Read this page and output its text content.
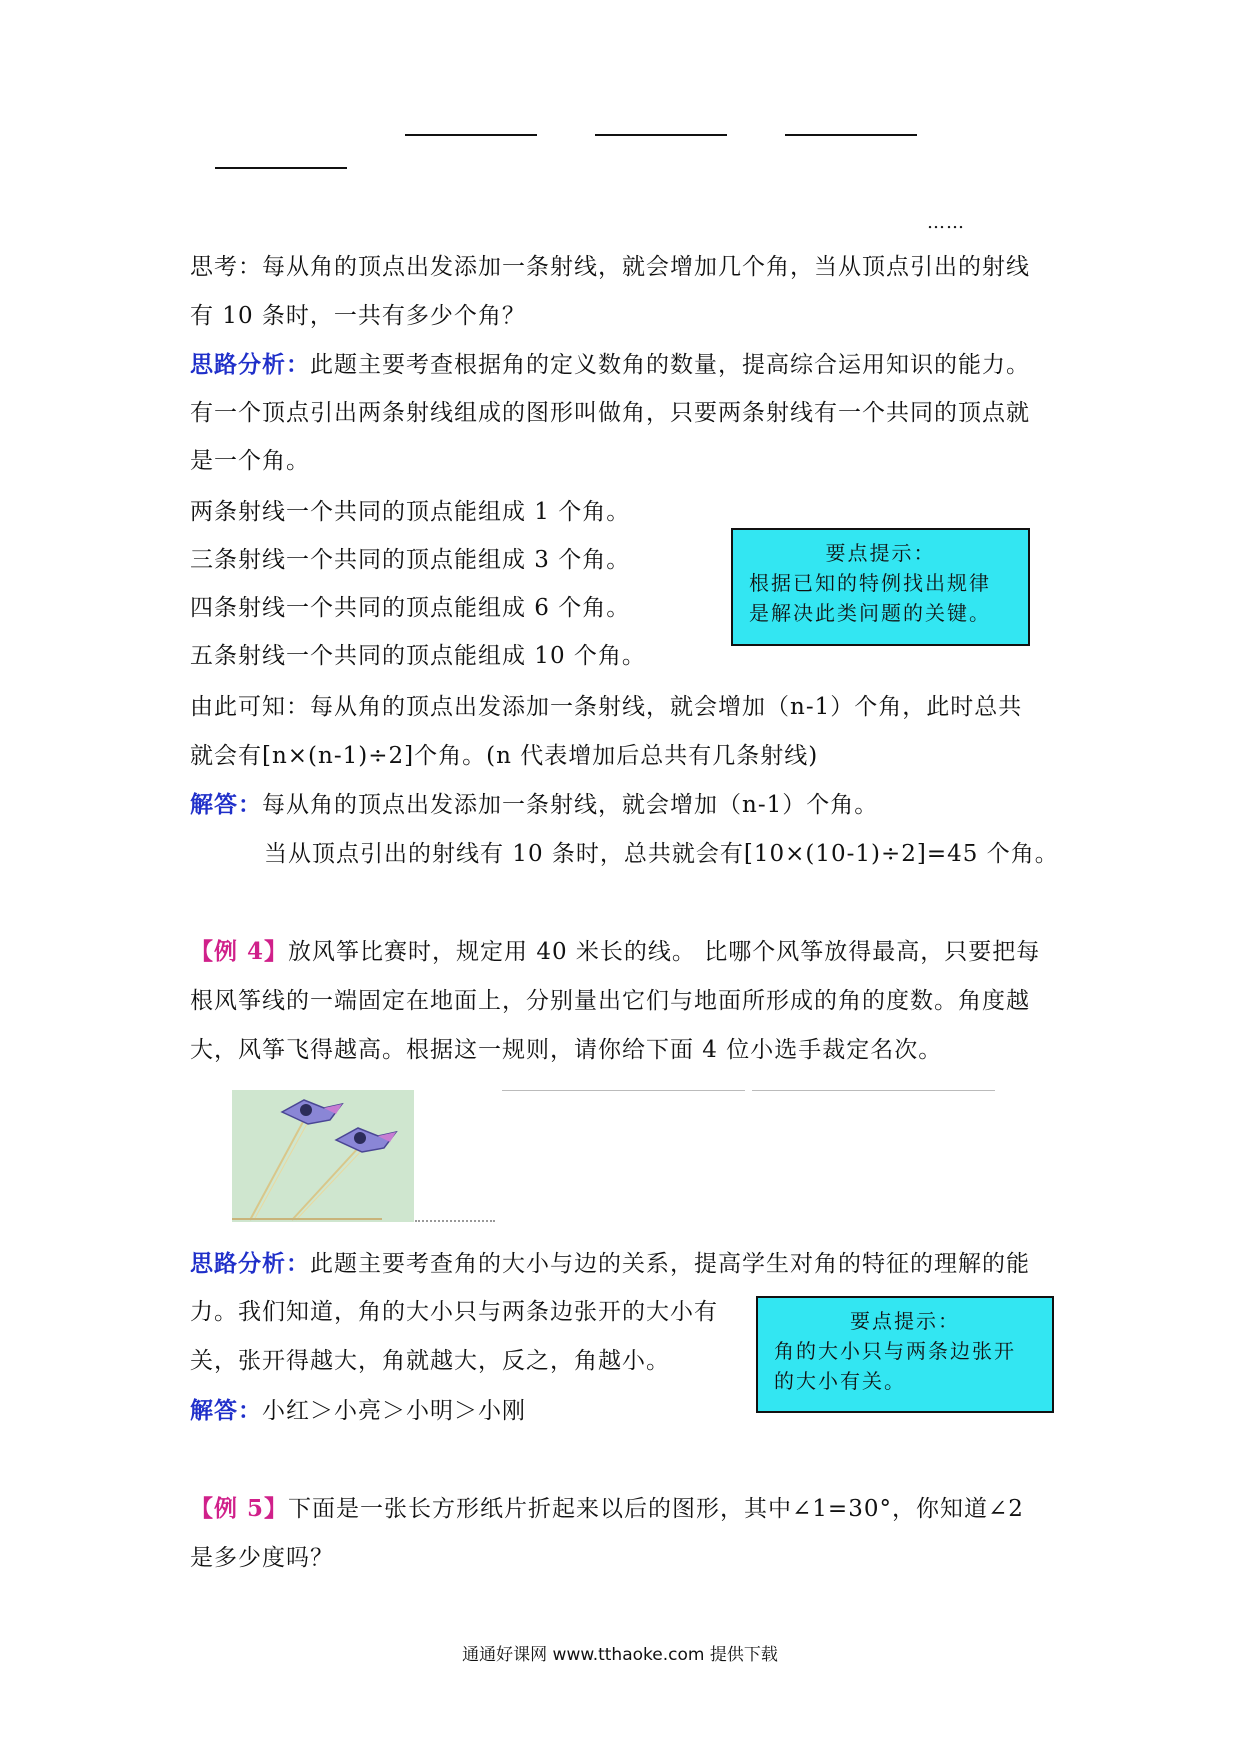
……
思考：每从角的顶点出发添加一条射线，就会增加几个角，当从顶点引出的射线
有 10 条时，一共有多少个角？
思路分析：此题主要考查根据角的定义数角的数量，提高综合运用知识的能力。
有一个顶点引出两条射线组成的图形叫做角，只要两条射线有一个共同的顶点就
是一个角。
两条射线一个共同的顶点能组成 1 个角。
三条射线一个共同的顶点能组成 3 个角。
四条射线一个共同的顶点能组成 6 个角。
五条射线一个共同的顶点能组成 10 个角。
要点提示：
根据已知的特例找出规律
是解决此类问题的关键。
由此可知：每从角的顶点出发添加一条射线，就会增加（n-1）个角，此时总共
就会有[n×(n-1)÷2]个角。(n 代表增加后总共有几条射线)
解答：每从角的顶点出发添加一条射线，就会增加（n-1）个角。
当从顶点引出的射线有 10 条时，总共就会有[10×(10-1)÷2]=45 个角。
【例 4】放风筝比赛时，规定用 40 米长的线。 比哪个风筝放得最高，只要把每
根风筝线的一端固定在地面上，分别量出它们与地面所形成的角的度数。角度越
大，风筝飞得越高。根据这一规则，请你给下面 4 位小选手裁定名次。
思路分析：此题主要考查角的大小与边的关系，提高学生对角的特征的理解的能
力。我们知道，角的大小只与两条边张开的大小有
关，张开得越大，角就越大，反之，角越小。
要点提示：
角的大小只与两条边张开
的大小有关。
解答：小红＞小亮＞小明＞小刚
【例 5】下面是一张长方形纸片折起来以后的图形，其中∠1=30°，你知道∠2
是多少度吗？
通通好课网 www.tthaoke.com 提供下载
